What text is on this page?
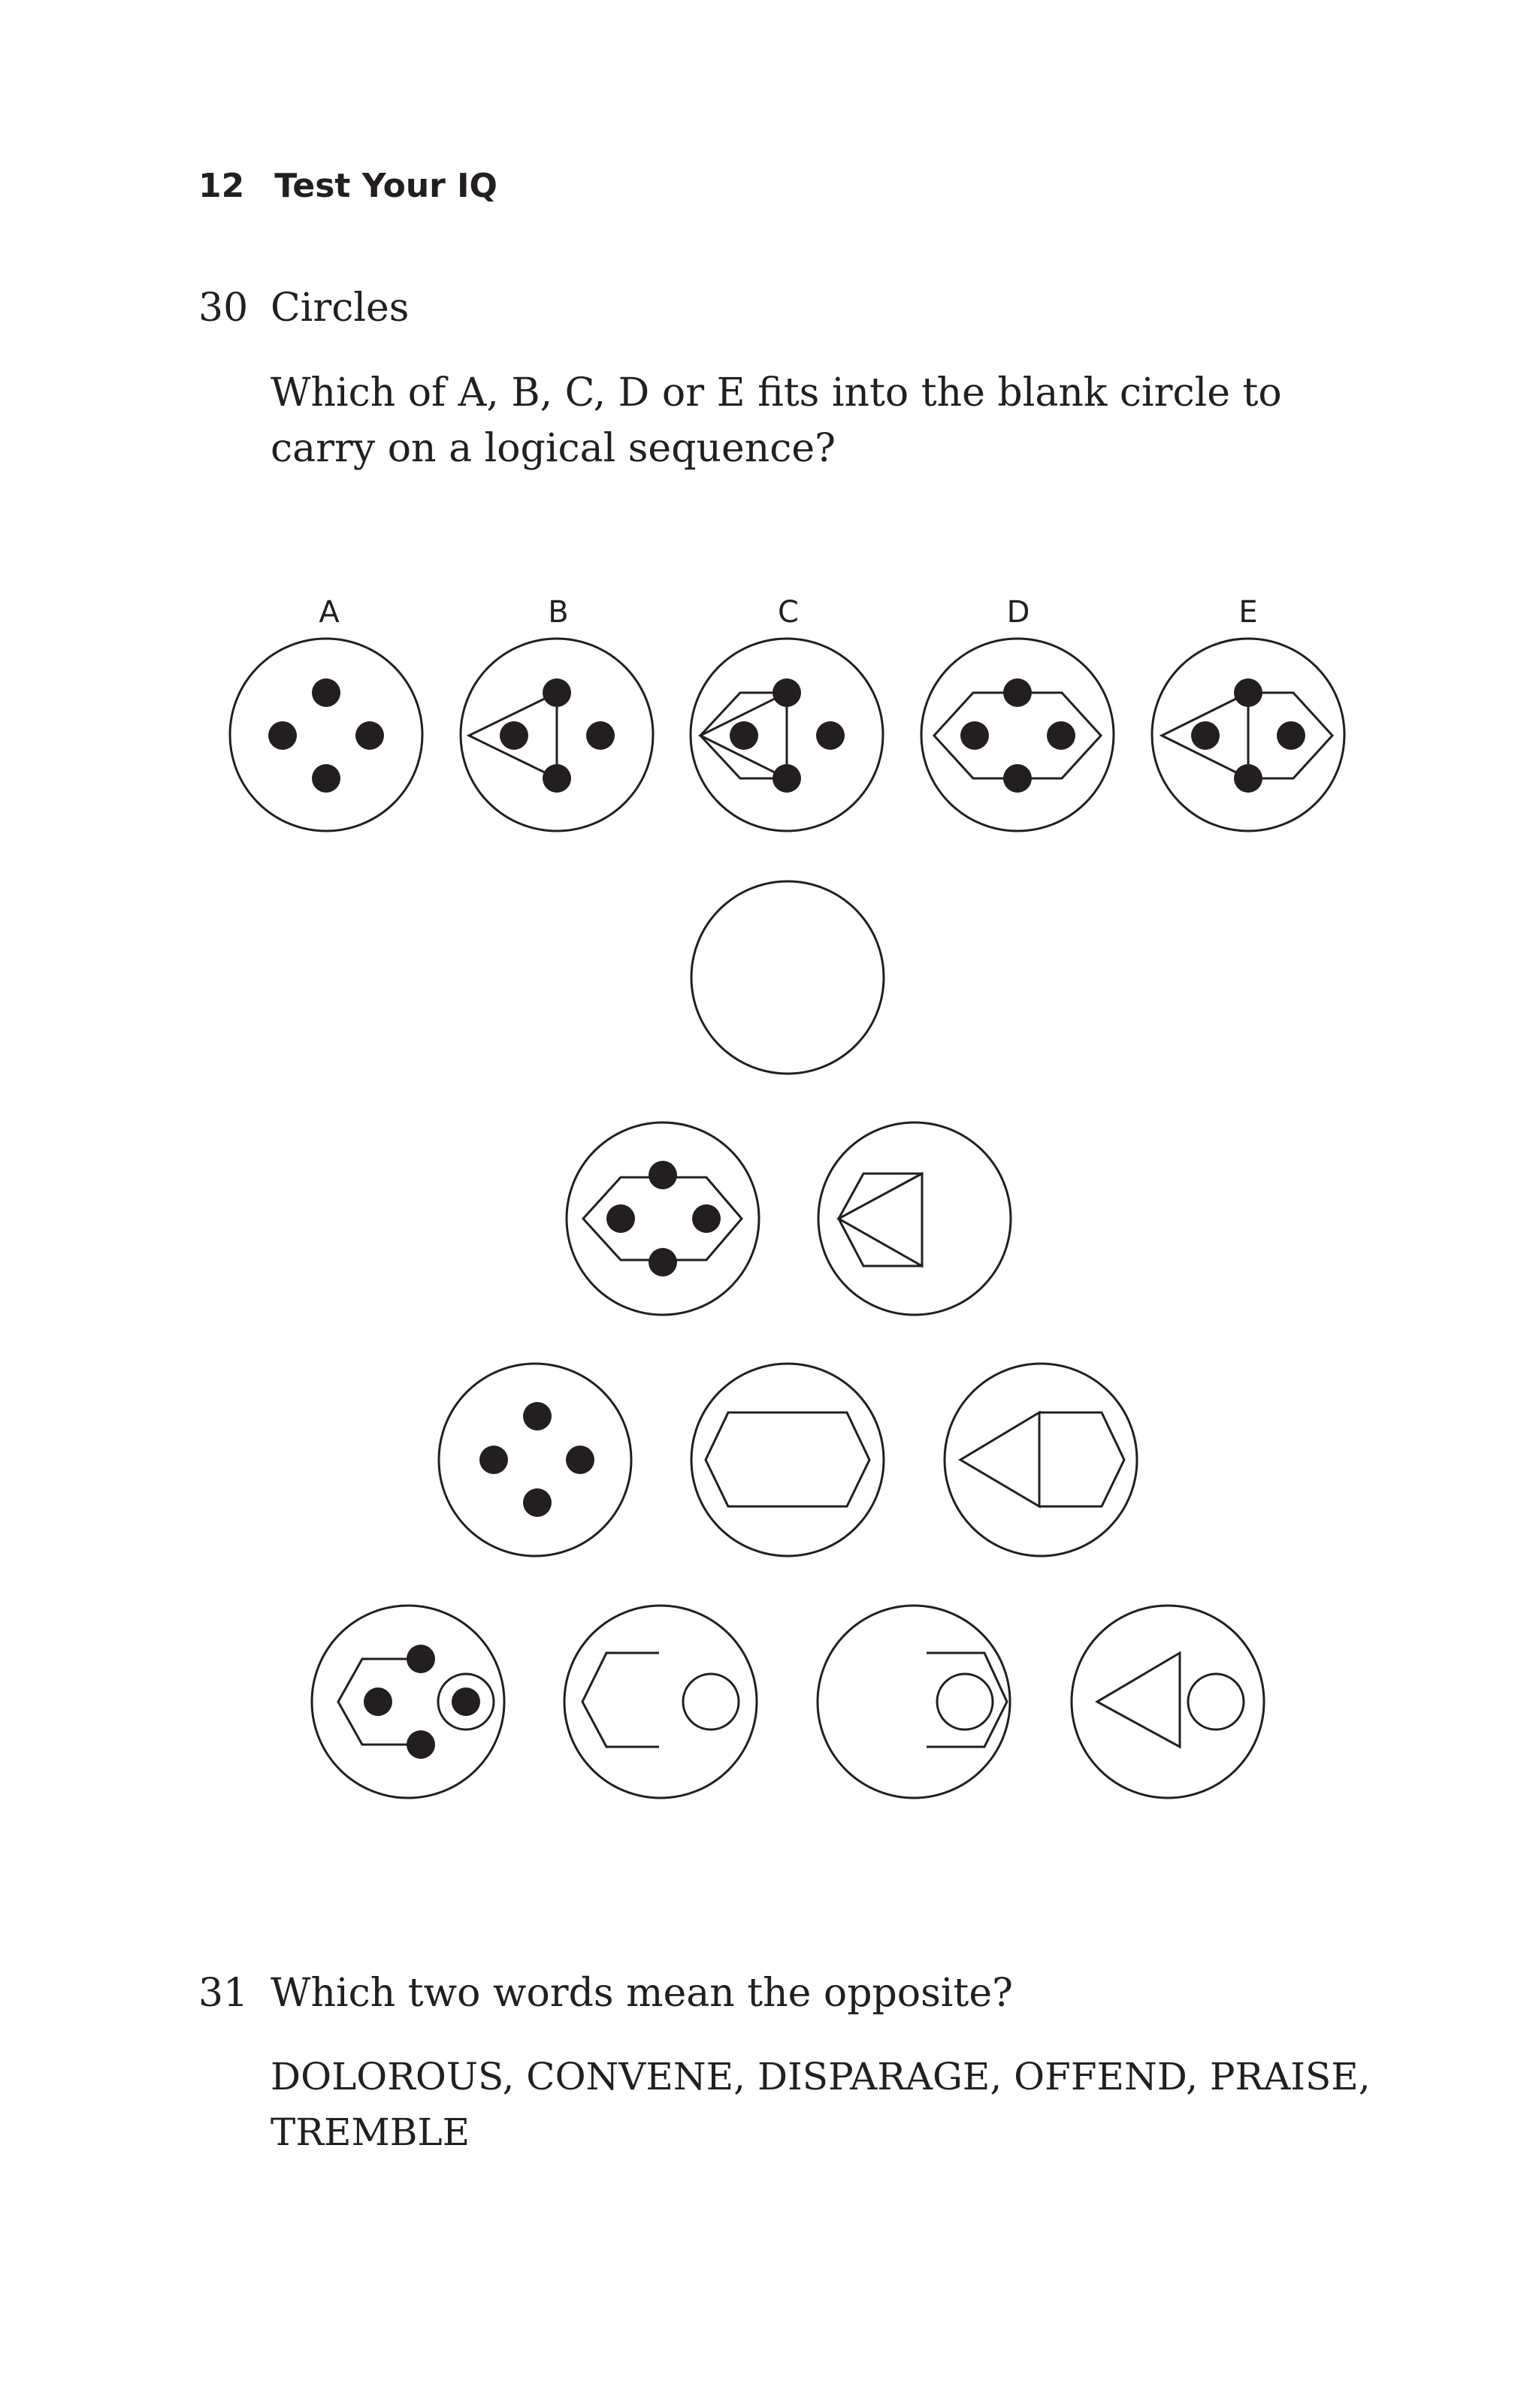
12 Test Your IQ
30 Circles
Which of A, B, C, D or E fits into the blank circle to carry on a logical sequence?
A	B	C	D	E
31 Which two words mean the opposite?
DOLOROUS, CONVENE, DISPARAGE, OFFEND, PRAISE, TREMBLE
